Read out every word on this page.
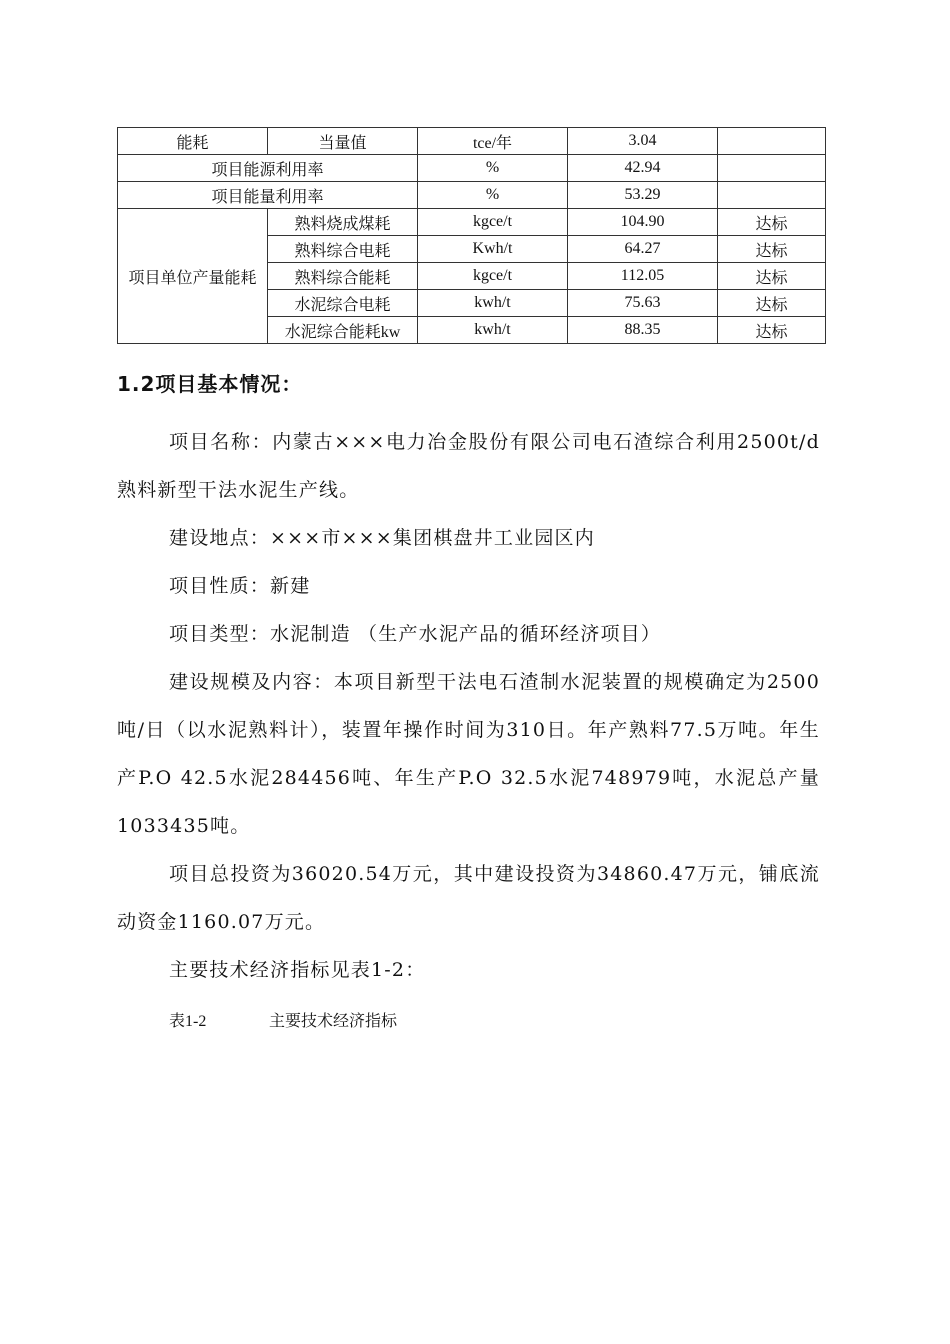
能耗	当量值	tce/年	3.04	
项目能源利用率		%	42.94	
项目能量利用率		%	53.29	
项目单位产量能耗	熟料烧成煤耗	kgce/t	104.90	达标
	熟料综合电耗	Kwh/t	64.27	达标
	熟料综合能耗	kgce/t	112.05	达标
	水泥综合电耗	kwh/t	75.63	达标
	水泥综合能耗kw	kwh/t	88.35	达标
1.2项目基本情况：

项目名称：内蒙古×××电力冶金股份有限公司电石渣综合利用2500t/d熟料新型干法水泥生产线。

建设地点：×××市×××集团棋盘井工业园区内

项目性质：新建

项目类型：水泥制造 （生产水泥产品的循环经济项目）

建设规模及内容：本项目新型干法电石渣制水泥装置的规模确定为2500吨/日（以水泥熟料计），装置年操作时间为310日。年产熟料77.5万吨。年生产P.O 42.5水泥284456吨、年生产P.O 32.5水泥748979吨，水泥总产量1033435吨。

项目总投资为36020.54万元，其中建设投资为34860.47万元，铺底流动资金1160.07万元。

主要技术经济指标见表1-2：

表1-2	主要技术经济指标
